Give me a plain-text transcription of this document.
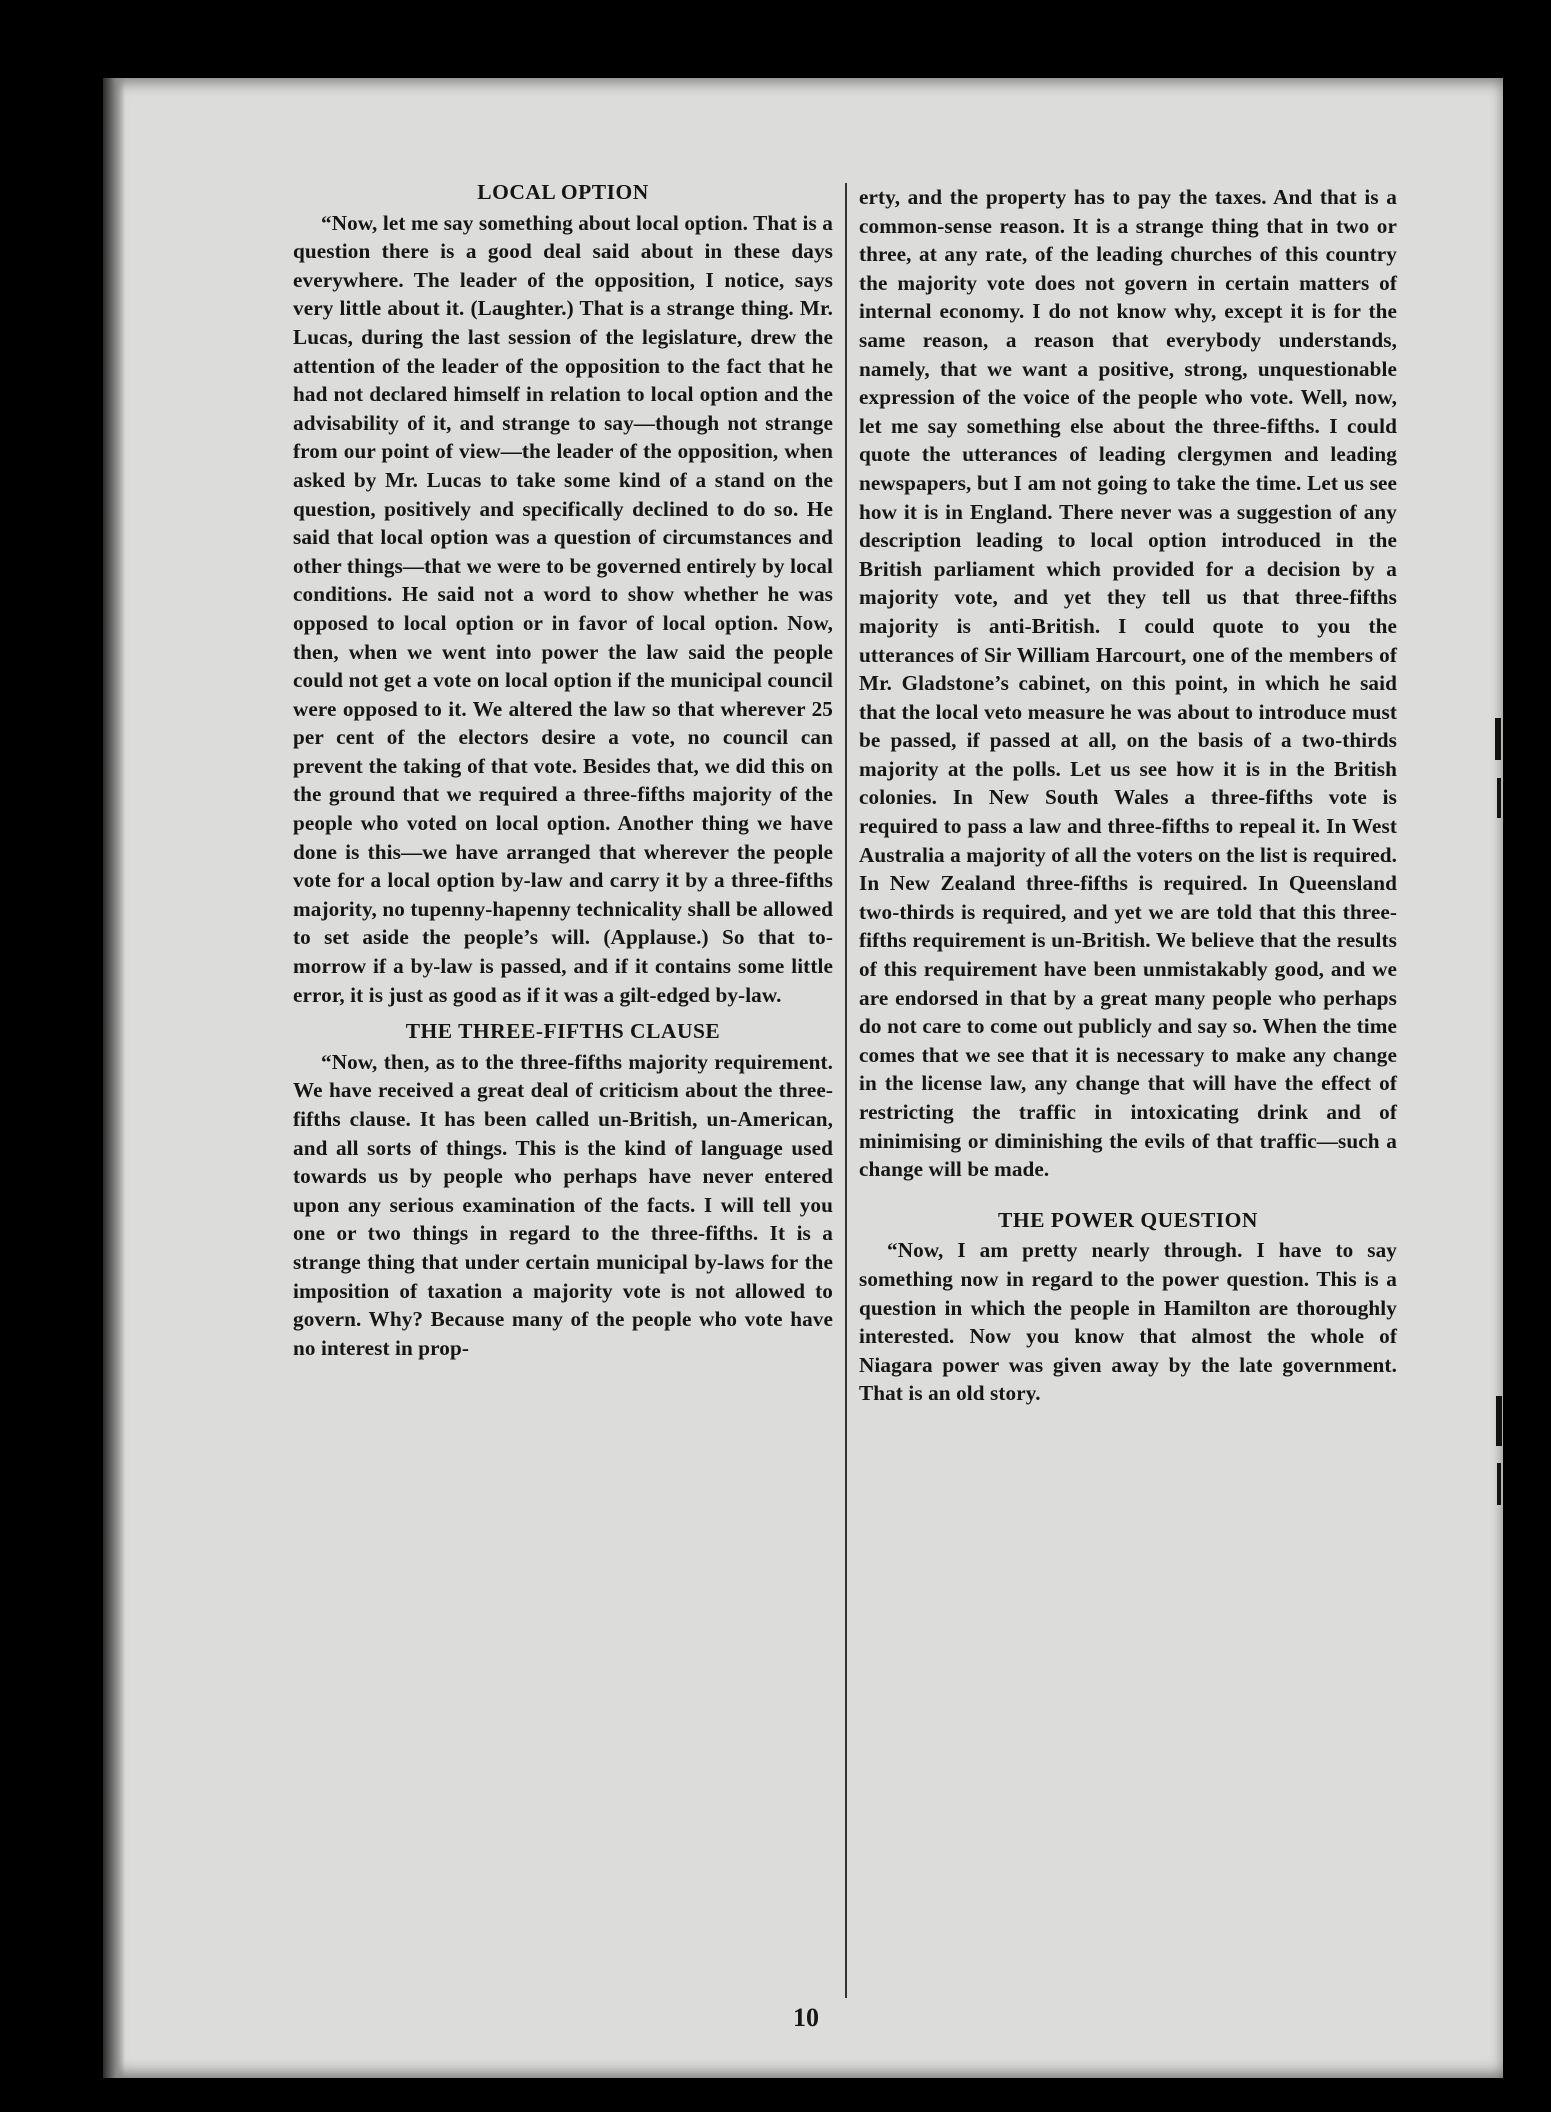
LOCAL OPTION

“Now, let me say something about local option. That is a question there is a good deal said about in these days everywhere. The leader of the opposition, I notice, says very little about it. (Laughter.) That is a strange thing. Mr. Lucas, during the last session of the legislature, drew the attention of the leader of the opposition to the fact that he had not declared himself in relation to local option and the advisability of it, and strange to say—though not strange from our point of view—the leader of the opposition, when asked by Mr. Lucas to take some kind of a stand on the question, positively and specifically declined to do so. He said that local option was a question of circumstances and other things—that we were to be governed entirely by local conditions. He said not a word to show whether he was opposed to local option or in favor of local option. Now, then, when we went into power the law said the people could not get a vote on local option if the municipal council were opposed to it. We altered the law so that wherever 25 per cent of the electors desire a vote, no council can prevent the taking of that vote. Besides that, we did this on the ground that we required a three-fifths majority of the people who voted on local option. Another thing we have done is this—we have arranged that wherever the people vote for a local option by-law and carry it by a three-fifths majority, no tupenny-hapenny technicality shall be allowed to set aside the people’s will. (Applause.) So that to-morrow if a by-law is passed, and if it contains some little error, it is just as good as if it was a gilt-edged by-law.

THE THREE-FIFTHS CLAUSE

“Now, then, as to the three-fifths majority requirement. We have received a great deal of criticism about the three-fifths clause. It has been called un-British, un-American, and all sorts of things. This is the kind of language used towards us by people who perhaps have never entered upon any serious examination of the facts. I will tell you one or two things in regard to the three-fifths. It is a strange thing that under certain municipal by-laws for the imposition of taxation a majority vote is not allowed to govern. Why? Because many of the people who vote have no interest in prop-

erty, and the property has to pay the taxes. And that is a common-sense reason. It is a strange thing that in two or three, at any rate, of the leading churches of this country the majority vote does not govern in certain matters of internal economy. I do not know why, except it is for the same reason, a reason that everybody understands, namely, that we want a positive, strong, unquestionable expression of the voice of the people who vote. Well, now, let me say something else about the three-fifths. I could quote the utterances of leading clergymen and leading newspapers, but I am not going to take the time. Let us see how it is in England. There never was a suggestion of any description leading to local option introduced in the British parliament which provided for a decision by a majority vote, and yet they tell us that three-fifths majority is anti-British. I could quote to you the utterances of Sir William Harcourt, one of the members of Mr. Gladstone’s cabinet, on this point, in which he said that the local veto measure he was about to introduce must be passed, if passed at all, on the basis of a two-thirds majority at the polls. Let us see how it is in the British colonies. In New South Wales a three-fifths vote is required to pass a law and three-fifths to repeal it. In West Australia a majority of all the voters on the list is required. In New Zealand three-fifths is required. In Queensland two-thirds is required, and yet we are told that this three-fifths requirement is un-British. We believe that the results of this requirement have been unmistakably good, and we are endorsed in that by a great many people who perhaps do not care to come out publicly and say so. When the time comes that we see that it is necessary to make any change in the license law, any change that will have the effect of restricting the traffic in intoxicating drink and of minimising or diminishing the evils of that traffic—such a change will be made.

THE POWER QUESTION

“Now, I am pretty nearly through. I have to say something now in regard to the power question. This is a question in which the people in Hamilton are thoroughly interested. Now you know that almost the whole of Niagara power was given away by the late government. That is an old story.

10
